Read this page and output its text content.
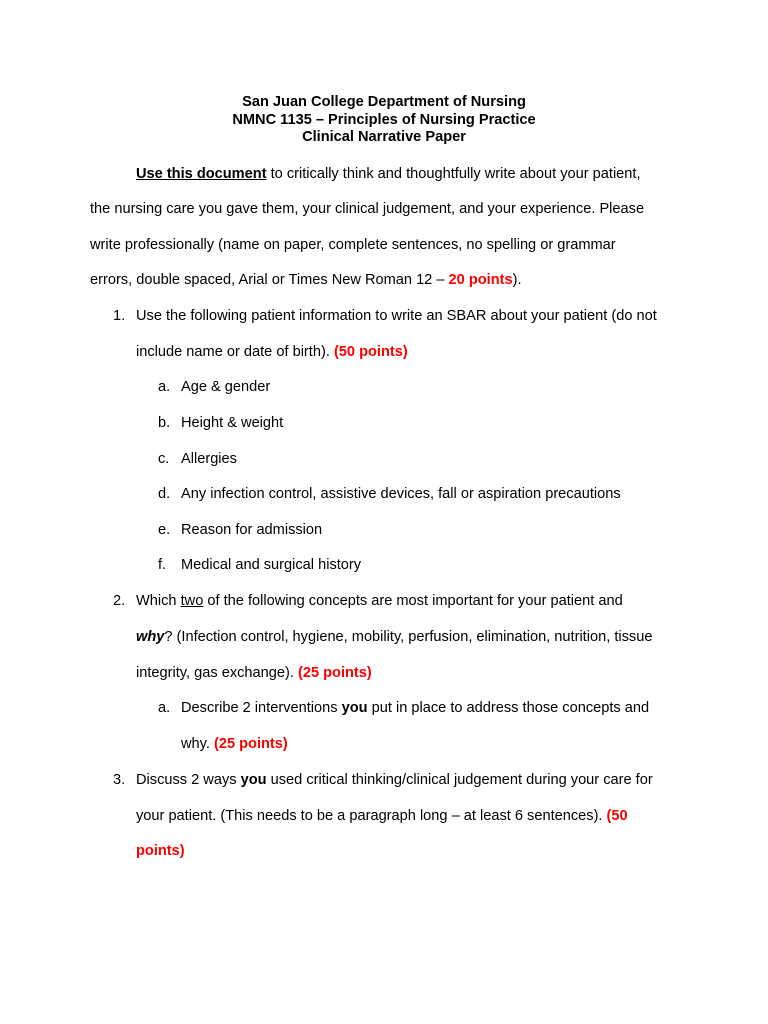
San Juan College Department of Nursing
NMNC 1135 – Principles of Nursing Practice
Clinical Narrative Paper
Use this document to critically think and thoughtfully write about your patient,
the nursing care you gave them, your clinical judgement, and your experience. Please
write professionally (name on paper, complete sentences, no spelling or grammar
errors, double spaced, Arial or Times New Roman 12 – 20 points).
1. Use the following patient information to write an SBAR about your patient (do not
include name or date of birth). (50 points)
a. Age & gender
b. Height & weight
c. Allergies
d. Any infection control, assistive devices, fall or aspiration precautions
e. Reason for admission
f. Medical and surgical history
2. Which two of the following concepts are most important for your patient and
why? (Infection control, hygiene, mobility, perfusion, elimination, nutrition, tissue
integrity, gas exchange). (25 points)
a. Describe 2 interventions you put in place to address those concepts and
why. (25 points)
3. Discuss 2 ways you used critical thinking/clinical judgement during your care for
your patient. (This needs to be a paragraph long – at least 6 sentences). (50
points)
